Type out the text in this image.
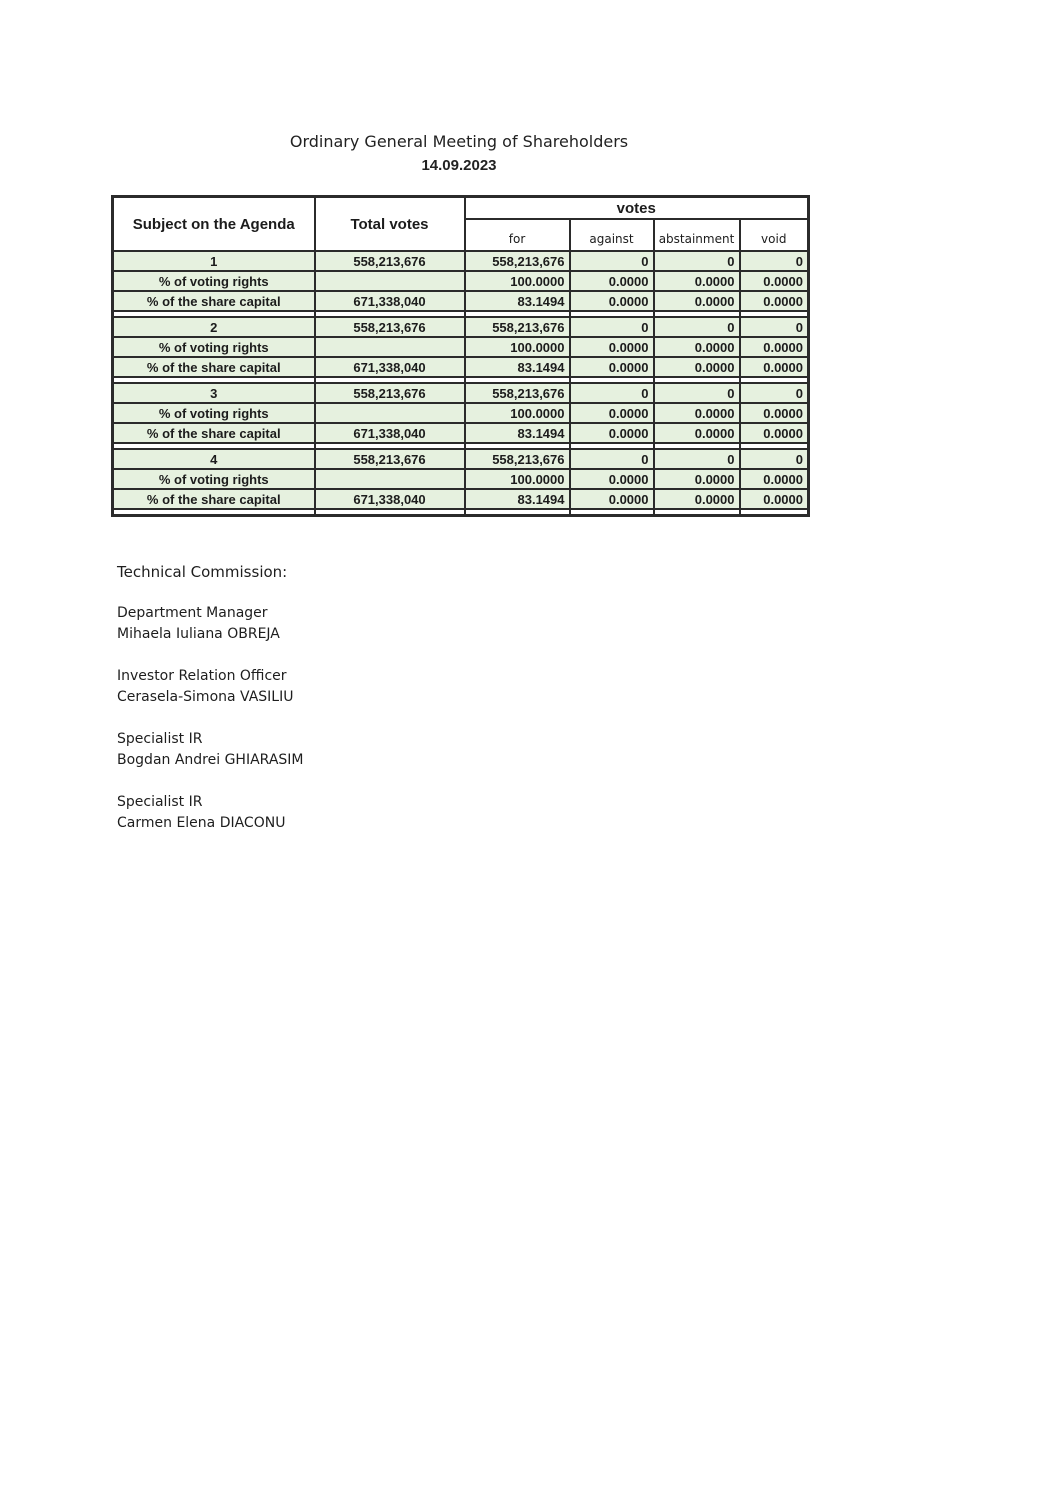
Ordinary General Meeting of Shareholders
14.09.2023
Subject on the Agenda	Total votes	votes			
		for	against	abstainment	void
1	558,213,676	558,213,676	0	0	0
% of voting rights		100.0000	0.0000	0.0000	0.0000
% of the share capital	671,338,040	83.1494	0.0000	0.0000	0.0000

2	558,213,676	558,213,676	0	0	0
% of voting rights		100.0000	0.0000	0.0000	0.0000
% of the share capital	671,338,040	83.1494	0.0000	0.0000	0.0000

3	558,213,676	558,213,676	0	0	0
% of voting rights		100.0000	0.0000	0.0000	0.0000
% of the share capital	671,338,040	83.1494	0.0000	0.0000	0.0000

4	558,213,676	558,213,676	0	0	0
% of voting rights		100.0000	0.0000	0.0000	0.0000
% of the share capital	671,338,040	83.1494	0.0000	0.0000	0.0000

Technical Commission:
Department Manager
Mihaela Iuliana OBREJA
Investor Relation Officer
Cerasela-Simona VASILIU
Specialist IR
Bogdan Andrei GHIARASIM
Specialist IR
Carmen Elena DIACONU
